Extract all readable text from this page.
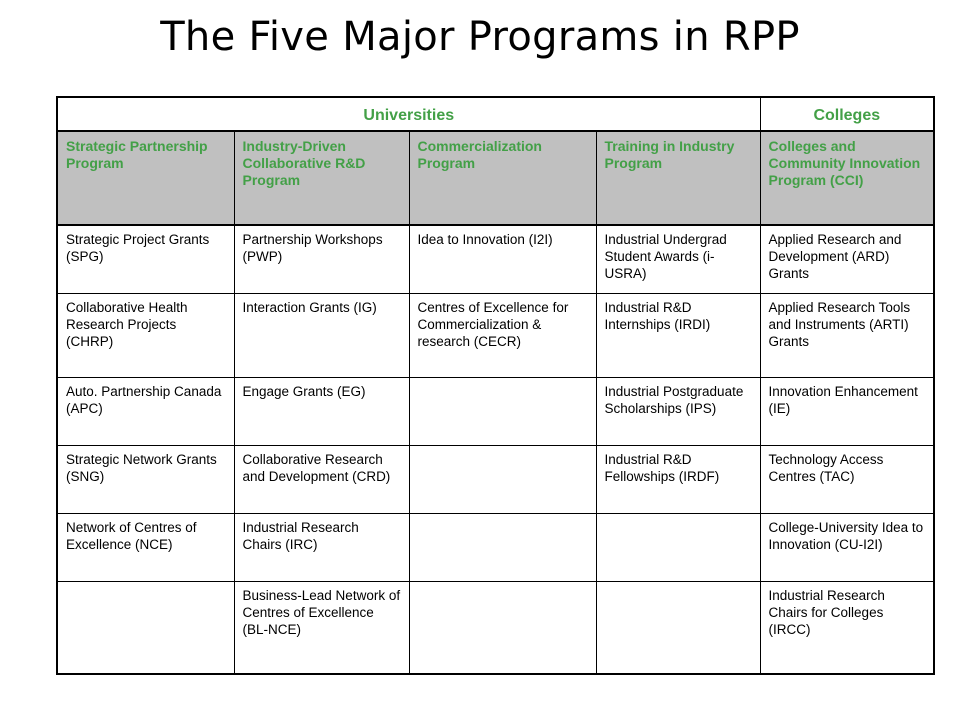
The Five Major Programs in RPP
Universities				Colleges
Strategic Partnership Program	Industry-Driven Collaborative R&D Program	Commercialization Program	Training in Industry Program	Colleges and Community Innovation Program (CCI)
Strategic Project Grants (SPG)	Partnership Workshops (PWP)	Idea to Innovation (I2I)	Industrial Undergrad Student Awards (i-USRA)	Applied Research and Development (ARD) Grants
Collaborative Health Research Projects (CHRP)	Interaction Grants (IG)	Centres of Excellence for Commercialization & research (CECR)	Industrial R&D Internships (IRDI)	Applied Research Tools and Instruments (ARTI) Grants
Auto. Partnership Canada (APC)	Engage Grants (EG)		Industrial Postgraduate Scholarships (IPS)	Innovation Enhancement (IE)
Strategic Network Grants (SNG)	Collaborative Research and Development (CRD)		Industrial R&D Fellowships (IRDF)	Technology Access Centres (TAC)
Network of Centres of Excellence (NCE)	Industrial Research Chairs (IRC)			College-University Idea to Innovation (CU-I2I)
	Business-Lead Network of Centres of Excellence (BL-NCE)			Industrial Research Chairs for Colleges (IRCC)
